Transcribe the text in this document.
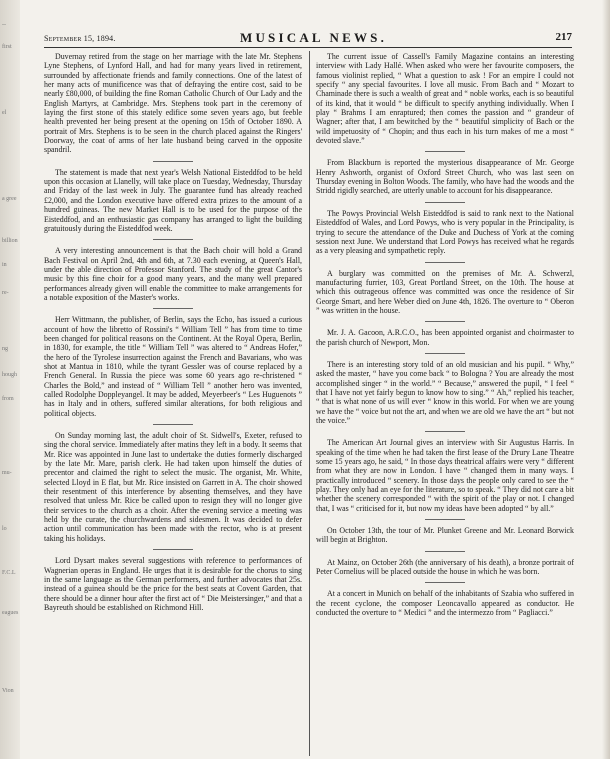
--
first
el
a gree
billion
in
re-
ng
hough
from
mu-
lo
F.C.L
eagues
Vion
September 15, 1894.	MUSICAL NEWS.	217

Duvernay retired from the stage on her marriage with the late Mr. Stephens Lyne Stephens, of Lynford Hall, and had for many years lived in retirement, surrounded by affectionate friends and family connections. One of the latest of her many acts of munificence was that of defraying the entire cost, said to be nearly £80,000, of building the fine Roman Catholic Church of Our Lady and the English Martyrs, at Cambridge. Mrs. Stephens took part in the ceremony of laying the first stone of this stately edifice some seven years ago, but feeble health prevented her being present at the opening on 15th of October 1890. A portrait of Mrs. Stephens is to be seen in the church placed against the Ringers' Doorway, the coat of arms of her late husband being carved in the opposite spandril.

The statement is made that next year's Welsh National Eisteddfod to be held upon this occasion at Llanelly, will take place on Tuesday, Wednesday, Thursday and Friday of the last week in July. The guarantee fund has already reached £2,000, and the London executive have offered extra prizes to the amount of a hundred guineas. The new Market Hall is to be used for the purpose of the Eisteddfod, and an enthusiastic gas company has arranged to light the building gratuitously during the Eisteddfod week.

A very interesting announcement is that the Bach choir will hold a Grand Bach Festival on April 2nd, 4th and 6th, at 7.30 each evening, at Queen's Hall, under the able direction of Professor Stanford. The study of the great Cantor's music by this fine choir for a good many years, and the many well prepared performances already given will enable the committee to make arrangements for a notable exposition of the Master's works.

Herr Wittmann, the publisher, of Berlin, says the Echo, has issued a curious account of how the libretto of Rossini's “ William Tell ” has from time to time been changed for political reasons on the Continent. At the Royal Opera, Berlin, in 1830, for example, the title “ William Tell ” was altered to “ Andreas Hofer,” the hero of the Tyrolese insurrection against the French and Bavarians, who was shot at Mantua in 1810, while the tyrant Gessler was of course replaced by a French General. In Russia the piece was some 60 years ago re-christened “ Charles the Bold,” and instead of “ William Tell ” another hero was invented, called Rodolphe Doppleyangel. It may be added, Meyerbeer's “ Les Huguenots ” has in Italy and in others, suffered similar alterations, for both religious and political objects.

On Sunday morning last, the adult choir of St. Sidwell's, Exeter, refused to sing the choral service. Immediately after matins they left in a body. It seems that Mr. Rice was appointed in June last to undertake the duties formerly discharged by the late Mr. Mare, parish clerk. He had taken upon himself the duties of precentor and claimed the right to select the music. The organist, Mr. White, selected Lloyd in E flat, but Mr. Rice insisted on Garrett in A. The choir showed their resentment of this interference by absenting themselves, and they have resolved that unless Mr. Rice be called upon to resign they will no longer give their services to the church as a choir. After the evening service a meeting was held by the curate, the churchwardens and sidesmen. It was decided to defer action until communication has been made with the rector, who is at present taking his holidays.

Lord Dysart makes several suggestions with reference to performances of Wagnerian operas in England. He urges that it is desirable for the chorus to sing in the same language as the German performers, and further advocates that 25s. instead of a guinea should be the price for the best seats at Covent Garden, that there should be a dinner hour after the first act of “ Die Meistersinger,” and that a Bayreuth should be established on Richmond Hill.

The current issue of Cassell's Family Magazine contains an interesting interview with Lady Hallé. When asked who were her favourite composers, the famous violinist replied, “ What a question to ask ! For an empire I could not specify “ any special favourites. I love all music. From Bach and “ Mozart to Chaminade there is such a wealth of great and “ noble works, each is so beautiful of its kind, that it would “ be difficult to specify anything individually. When I play “ Brahms I am enraptured; then comes the passion and “ grandeur of Wagner; after that, I am bewitched by the “ beautiful simplicity of Bach or the wild impetuosity of “ Chopin; and thus each in his turn makes of me a most “ devoted slave.”

From Blackburn is reported the mysterious disappearance of Mr. George Henry Ashworth, organist of Oxford Street Church, who was last seen on Thursday evening in Bolton Woods. The family, who have had the woods and the Stridd rigidly searched, are utterly unable to account for his disappearance.

The Powys Provincial Welsh Eisteddfod is said to rank next to the National Eisteddfod of Wales, and Lord Powys, who is very popular in the Principality, is trying to secure the attendance of the Duke and Duchess of York at the coming session next June. We understand that Lord Powys has received what he regards as a very pleasing and sympathetic reply.

A burglary was committed on the premises of Mr. A. Schwerzl, manufacturing furrier, 103, Great Portland Street, on the 10th. The house at which this outrageous offence was committed was once the residence of Sir George Smart, and here Weber died on June 4th, 1826. The overture to “ Oberon ” was written in the house.

Mr. J. A. Gacoon, A.R.C.O., has been appointed organist and choirmaster to the parish church of Newport, Mon.

There is an interesting story told of an old musician and his pupil. “ Why,” asked the master, “ have you come back “ to Bologna ? You are already the most accomplished singer “ in the world.” “ Because,” answered the pupil, “ I feel “ that I have not yet fairly begun to know how to sing.” “ Ah,” replied his teacher, “ that is what none of us will ever “ know in this world. For when we are young we have the “ voice but not the art, and when we are old we have the art “ but not the voice.”

The American Art Journal gives an interview with Sir Augustus Harris. In speaking of the time when he had taken the first lease of the Drury Lane Theatre some 15 years ago, he said, “ In those days theatrical affairs were very “ different from what they are now in London. I have “ changed them in many ways. I practically introduced “ scenery. In those days the people only cared to see the “ play. They only had an eye for the literature, so to speak. “ They did not care a bit whether the scenery corresponded “ with the spirit of the play or not. I changed that, I was “ criticised for it, but now my ideas have been adopted “ by all.”

On October 13th, the tour of Mr. Plunket Greene and Mr. Leonard Borwick will begin at Brighton.

At Mainz, on October 26th (the anniversary of his death), a bronze portrait of Peter Cornelius will be placed outside the house in which he was born.

At a concert in Munich on behalf of the inhabitants of Szabia who suffered in the recent cyclone, the composer Leoncavallo appeared as conductor. He conducted the overture to “ Medici ” and the intermezzo from “ Pagliacci.”
